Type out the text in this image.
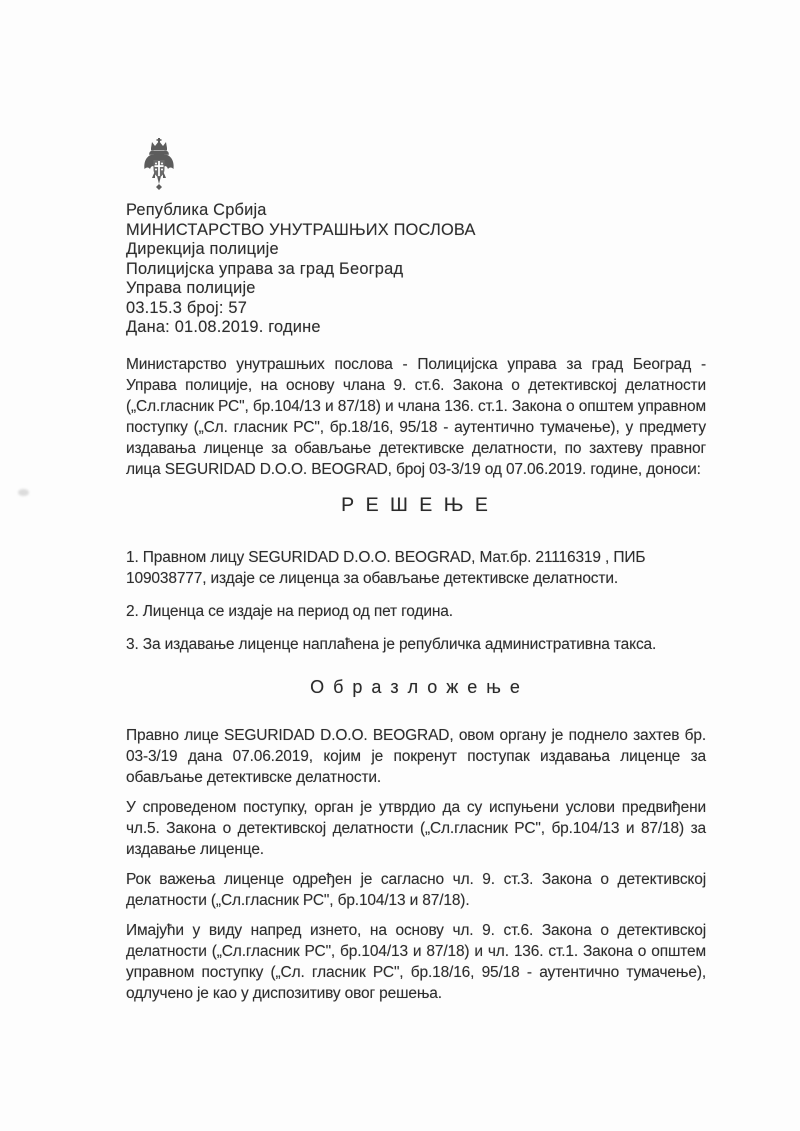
Република Србија
МИНИСТАРСТВО УНУТРАШЊИХ ПОСЛОВА
Дирекција полиције
Полицијска управа за град Београд
Управа полиције
03.15.3 број: 57
Дана: 01.08.2019. године

Министарство унутрашњих послова - Полицијска управа за град Београд - Управа полиције, на основу члана 9. ст.6. Закона о детективској делатности („Сл.гласник РС", бр.104/13 и 87/18) и члана 136. ст.1. Закона о општем управном поступку („Сл. гласник РС", бр.18/16, 95/18 - аутентично тумачење), у предмету издавања лиценце за обављање детективске делатности, по захтеву правног лица SEGURIDAD D.O.O. BEOGRAD, број 03-3/19 од 07.06.2019. године, доноси:

Р Е Ш Е Њ Е

1. Правном лицу SEGURIDAD D.O.O. BEOGRAD, Мат.бр. 21116319 , ПИБ 109038777, издаје се лиценца за обављање детективске делатности.

2. Лиценца се издаје на период од пет година.

3. За издавање лиценце наплаћена је републичка административна такса.

О б р а з л о ж е њ е

Правно лице SEGURIDAD D.O.O. BEOGRAD, овом органу је поднело захтев бр. 03-3/19 дана 07.06.2019, којим је покренут поступак издавања лиценце за обављање детективске делатности.

У спроведеном поступку, орган је утврдио да су испуњени услови предвиђени чл.5. Закона о детективској делатности („Сл.гласник РС", бр.104/13 и 87/18) за издавање лиценце.

Рок важења лиценце одређен је сагласно чл. 9. ст.3. Закона о детективској делатности („Сл.гласник РС", бр.104/13 и 87/18).

Имајући у виду напред изнето, на основу чл. 9. ст.6. Закона о детективској делатности („Сл.гласник РС", бр.104/13 и 87/18) и чл. 136. ст.1. Закона о општем управном поступку („Сл. гласник РС", бр.18/16, 95/18 - аутентично тумачење), одлучено је као у диспозитиву овог решења.
